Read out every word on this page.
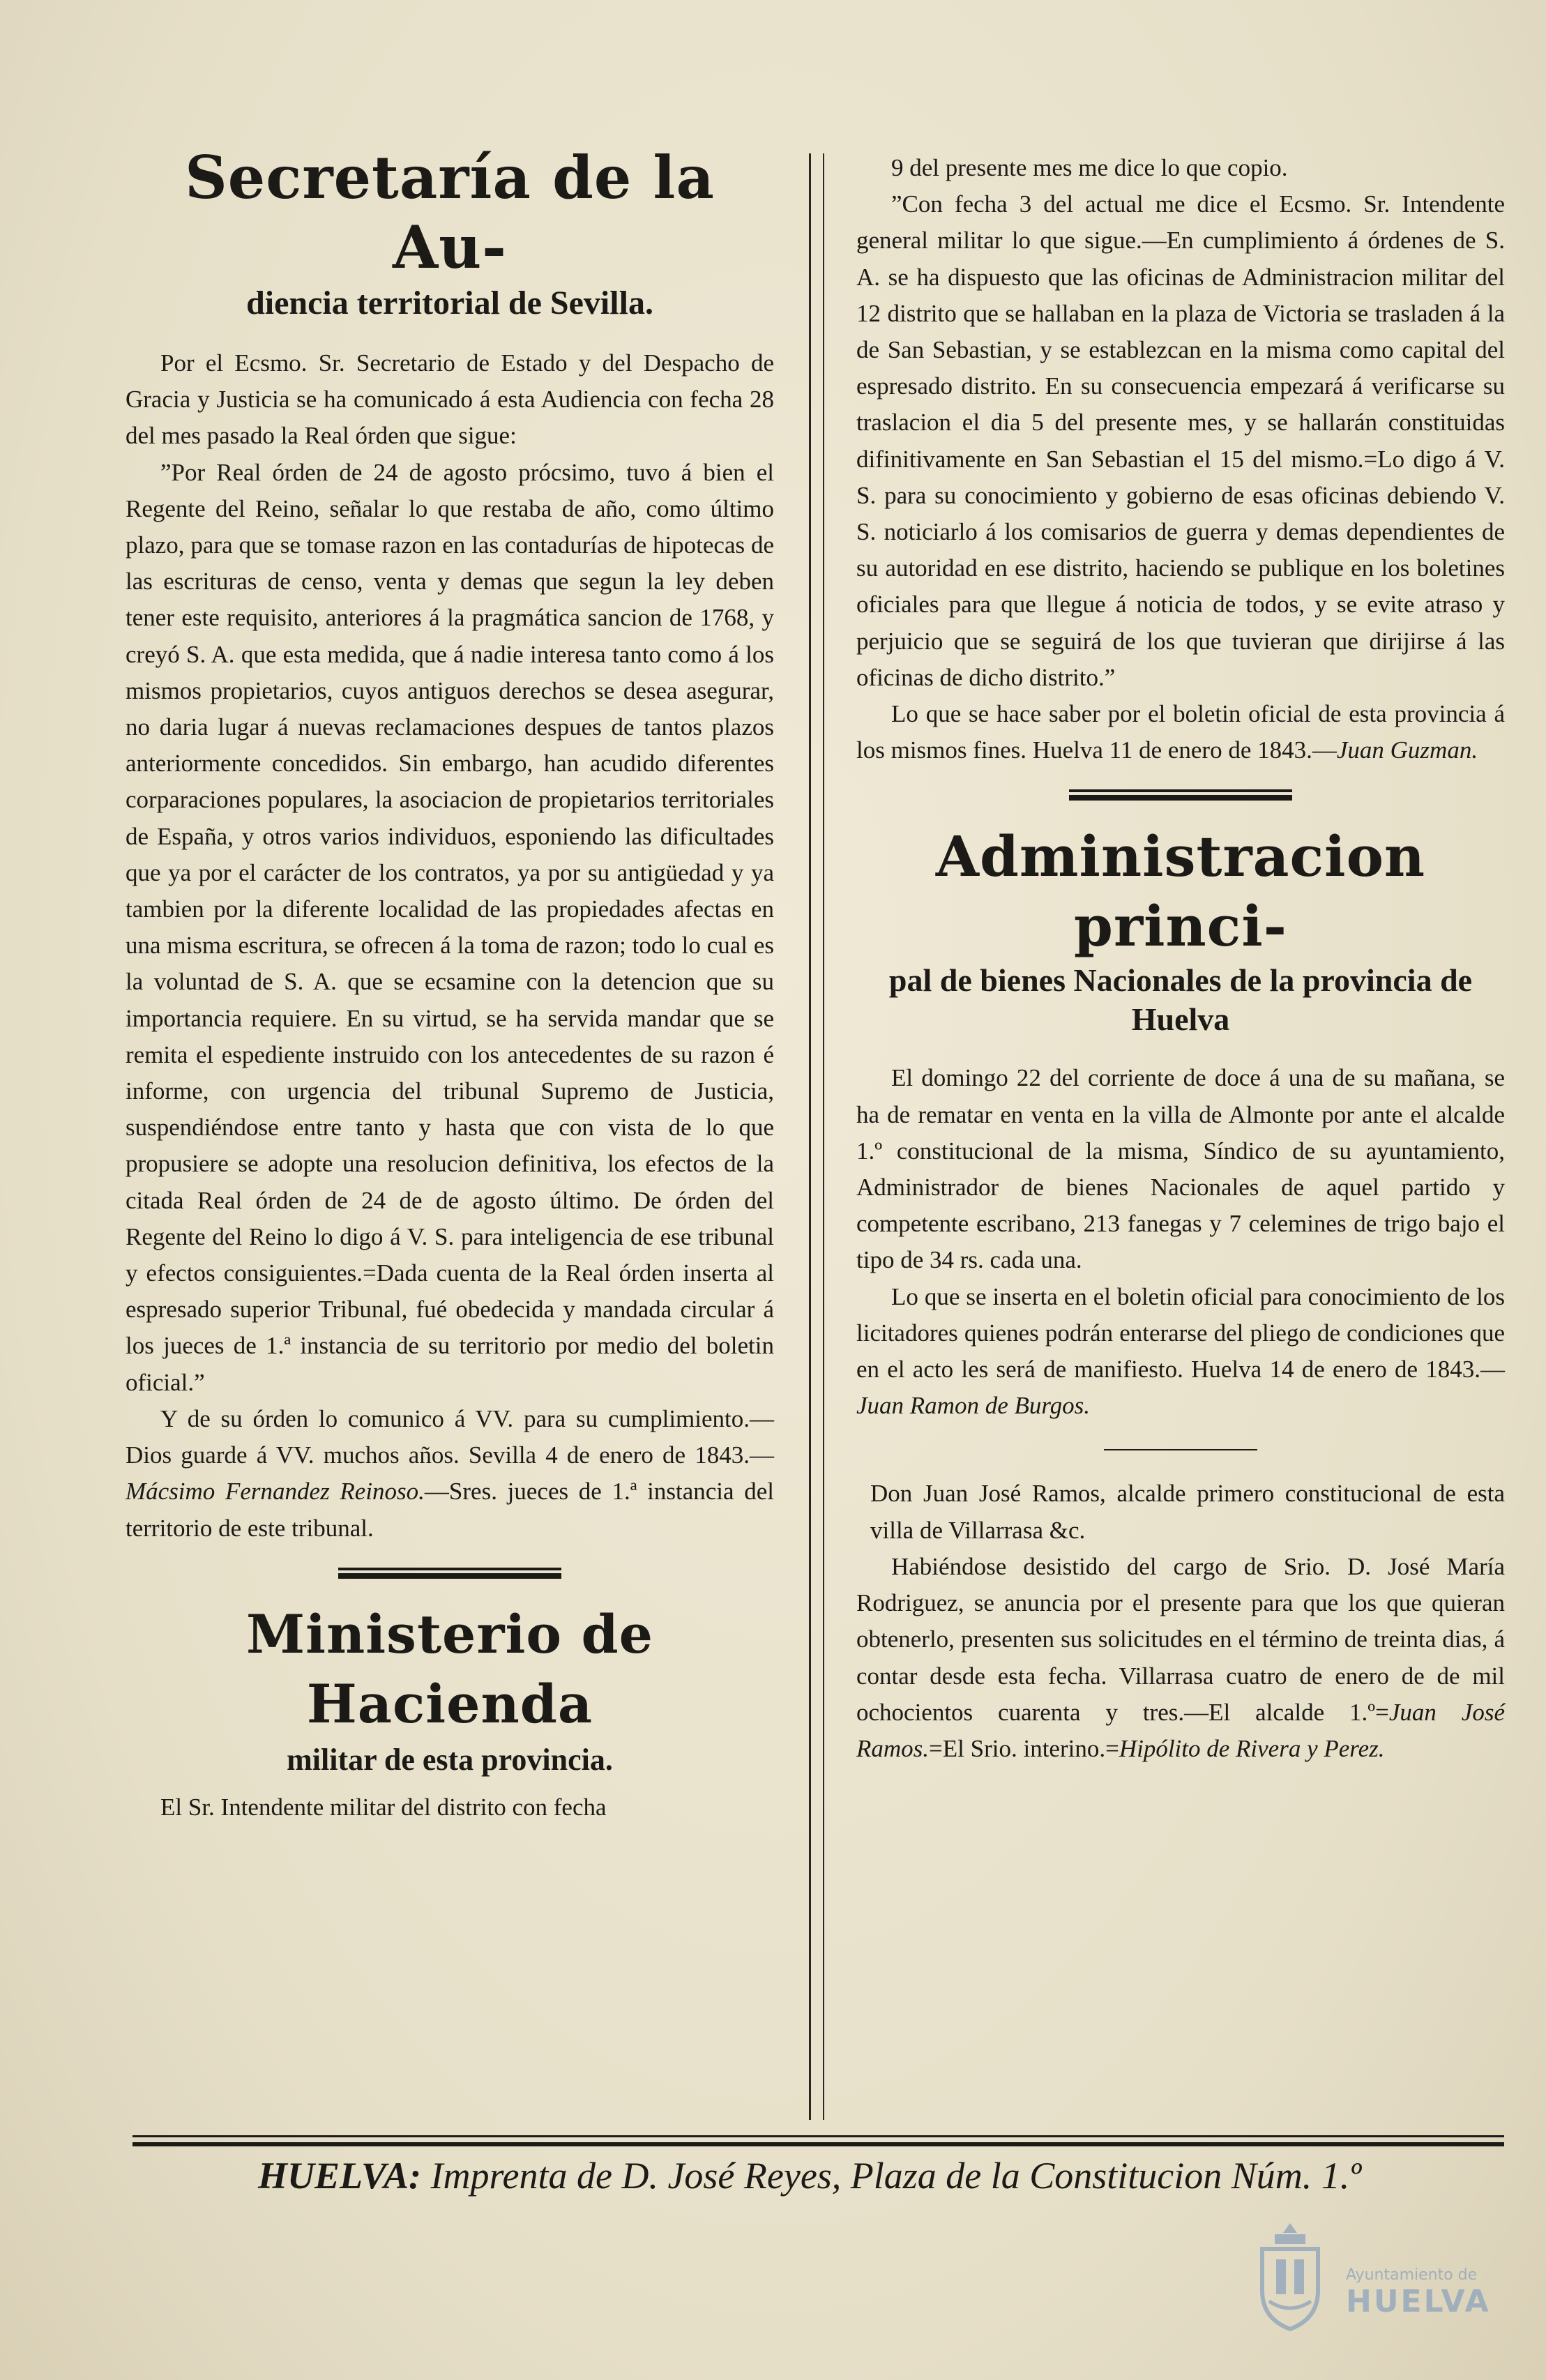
Secretaría de la Au-
diencia territorial de Sevilla.

Por el Ecsmo. Sr. Secretario de Estado y del Despacho de Gracia y Justicia se ha comunicado á esta Audiencia con fecha 28 del mes pasado la Real órden que sigue:

”Por Real órden de 24 de agosto prócsimo, tuvo á bien el Regente del Reino, señalar lo que restaba de año, como último plazo, para que se tomase razon en las contadurías de hipotecas de las escrituras de censo, venta y demas que segun la ley deben tener este requisito, anteriores á la pragmática sancion de 1768, y creyó S. A. que esta medida, que á nadie interesa tanto como á los mismos propietarios, cuyos antiguos derechos se desea asegurar, no daria lugar á nuevas reclamaciones despues de tantos plazos anteriormente concedidos. Sin embargo, han acudido diferentes corparaciones populares, la asociacion de propietarios territoriales de España, y otros varios individuos, esponiendo las dificultades que ya por el carácter de los contratos, ya por su antigüedad y ya tambien por la diferente localidad de las propiedades afectas en una misma escritura, se ofrecen á la toma de razon; todo lo cual es la voluntad de S. A. que se ecsamine con la detencion que su importancia requiere. En su virtud, se ha servida mandar que se remita el espediente instruido con los antecedentes de su razon é informe, con urgencia del tribunal Supremo de Justicia, suspendiéndose entre tanto y hasta que con vista de lo que propusiere se adopte una resolucion definitiva, los efectos de la citada Real órden de 24 de de agosto último. De órden del Regente del Reino lo digo á V. S. para inteligencia de ese tribunal y efectos consiguientes.=Dada cuenta de la Real órden inserta al espresado superior Tribunal, fué obedecida y mandada circular á los jueces de 1.ª instancia de su territorio por medio del boletin oficial.”

Y de su órden lo comunico á VV. para su cumplimiento.—Dios guarde á VV. muchos años. Sevilla 4 de enero de 1843.—Mácsimo Fernandez Reinoso.—Sres. jueces de 1.ª instancia del territorio de este tribunal.

Ministerio de Hacienda
militar de esta provincia.

El Sr. Intendente militar del distrito con fecha

9 del presente mes me dice lo que copio.

”Con fecha 3 del actual me dice el Ecsmo. Sr. Intendente general militar lo que sigue.—En cumplimiento á órdenes de S. A. se ha dispuesto que las oficinas de Administracion militar del 12 distrito que se hallaban en la plaza de Victoria se trasladen á la de San Sebastian, y se establezcan en la misma como capital del espresado distrito. En su consecuencia empezará á verificarse su traslacion el dia 5 del presente mes, y se hallarán constituidas difinitivamente en San Sebastian el 15 del mismo.=Lo digo á V. S. para su conocimiento y gobierno de esas oficinas debiendo V. S. noticiarlo á los comisarios de guerra y demas dependientes de su autoridad en ese distrito, haciendo se publique en los boletines oficiales para que llegue á noticia de todos, y se evite atraso y perjuicio que se seguirá de los que tuvieran que dirijirse á las oficinas de dicho distrito.”

Lo que se hace saber por el boletin oficial de esta provincia á los mismos fines. Huelva 11 de enero de 1843.—Juan Guzman.

Administracion princi-
pal de bienes Nacionales de la provincia de Huelva

El domingo 22 del corriente de doce á una de su mañana, se ha de rematar en venta en la villa de Almonte por ante el alcalde 1.º constitucional de la misma, Síndico de su ayuntamiento, Administrador de bienes Nacionales de aquel partido y competente escribano, 213 fanegas y 7 celemines de trigo bajo el tipo de 34 rs. cada una.

Lo que se inserta en el boletin oficial para conocimiento de los licitadores quienes podrán enterarse del pliego de condiciones que en el acto les será de manifiesto. Huelva 14 de enero de 1843.—Juan Ramon de Burgos.

Don Juan José Ramos, alcalde primero constitucional de esta villa de Villarrasa &c.

Habiéndose desistido del cargo de Srio. D. José María Rodriguez, se anuncia por el presente para que los que quieran obtenerlo, presenten sus solicitudes en el término de treinta dias, á contar desde esta fecha. Villarrasa cuatro de enero de de mil ochocientos cuarenta y tres.—El alcalde 1.º=Juan José Ramos.=El Srio. interino.=Hipólito de Rivera y Perez.

HUELVA: Imprenta de D. José Reyes, Plaza de la Constitucion Núm. 1.º
Ayuntamiento de
HUELVA
